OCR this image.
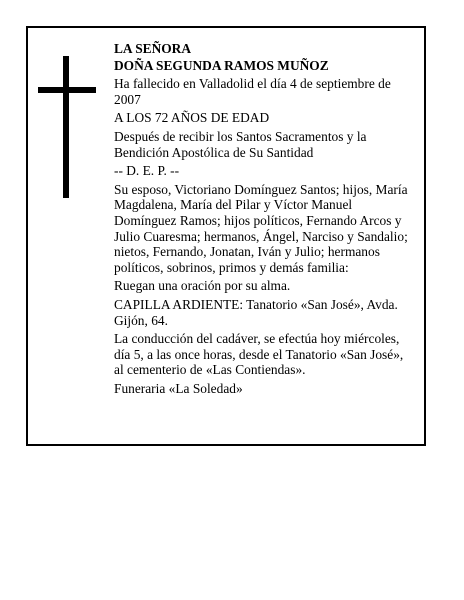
LA SEÑORA

DOÑA SEGUNDA RAMOS MUÑOZ

Ha fallecido en Valladolid el día 4 de septiembre de 2007

A LOS 72 AÑOS DE EDAD

Después de recibir los Santos Sacramentos y la Bendición Apostólica de Su Santidad

-- D. E. P. --

Su esposo, Victoriano Domínguez Santos; hijos, María Magdalena, María del Pilar y Víctor Manuel Domínguez Ramos; hijos políticos, Fernando Arcos y Julio Cuaresma; hermanos, Ángel, Narciso y Sandalio; nietos, Fernando, Jonatan, Iván y Julio; hermanos políticos, sobrinos, primos y demás familia:

Ruegan una oración por su alma.

CAPILLA ARDIENTE: Tanatorio «San José», Avda. Gijón, 64.

La conducción del cadáver, se efectúa hoy miércoles, día 5, a las once horas, desde el Tanatorio «San José», al cementerio de «Las Contiendas».

Funeraria «La Soledad»
